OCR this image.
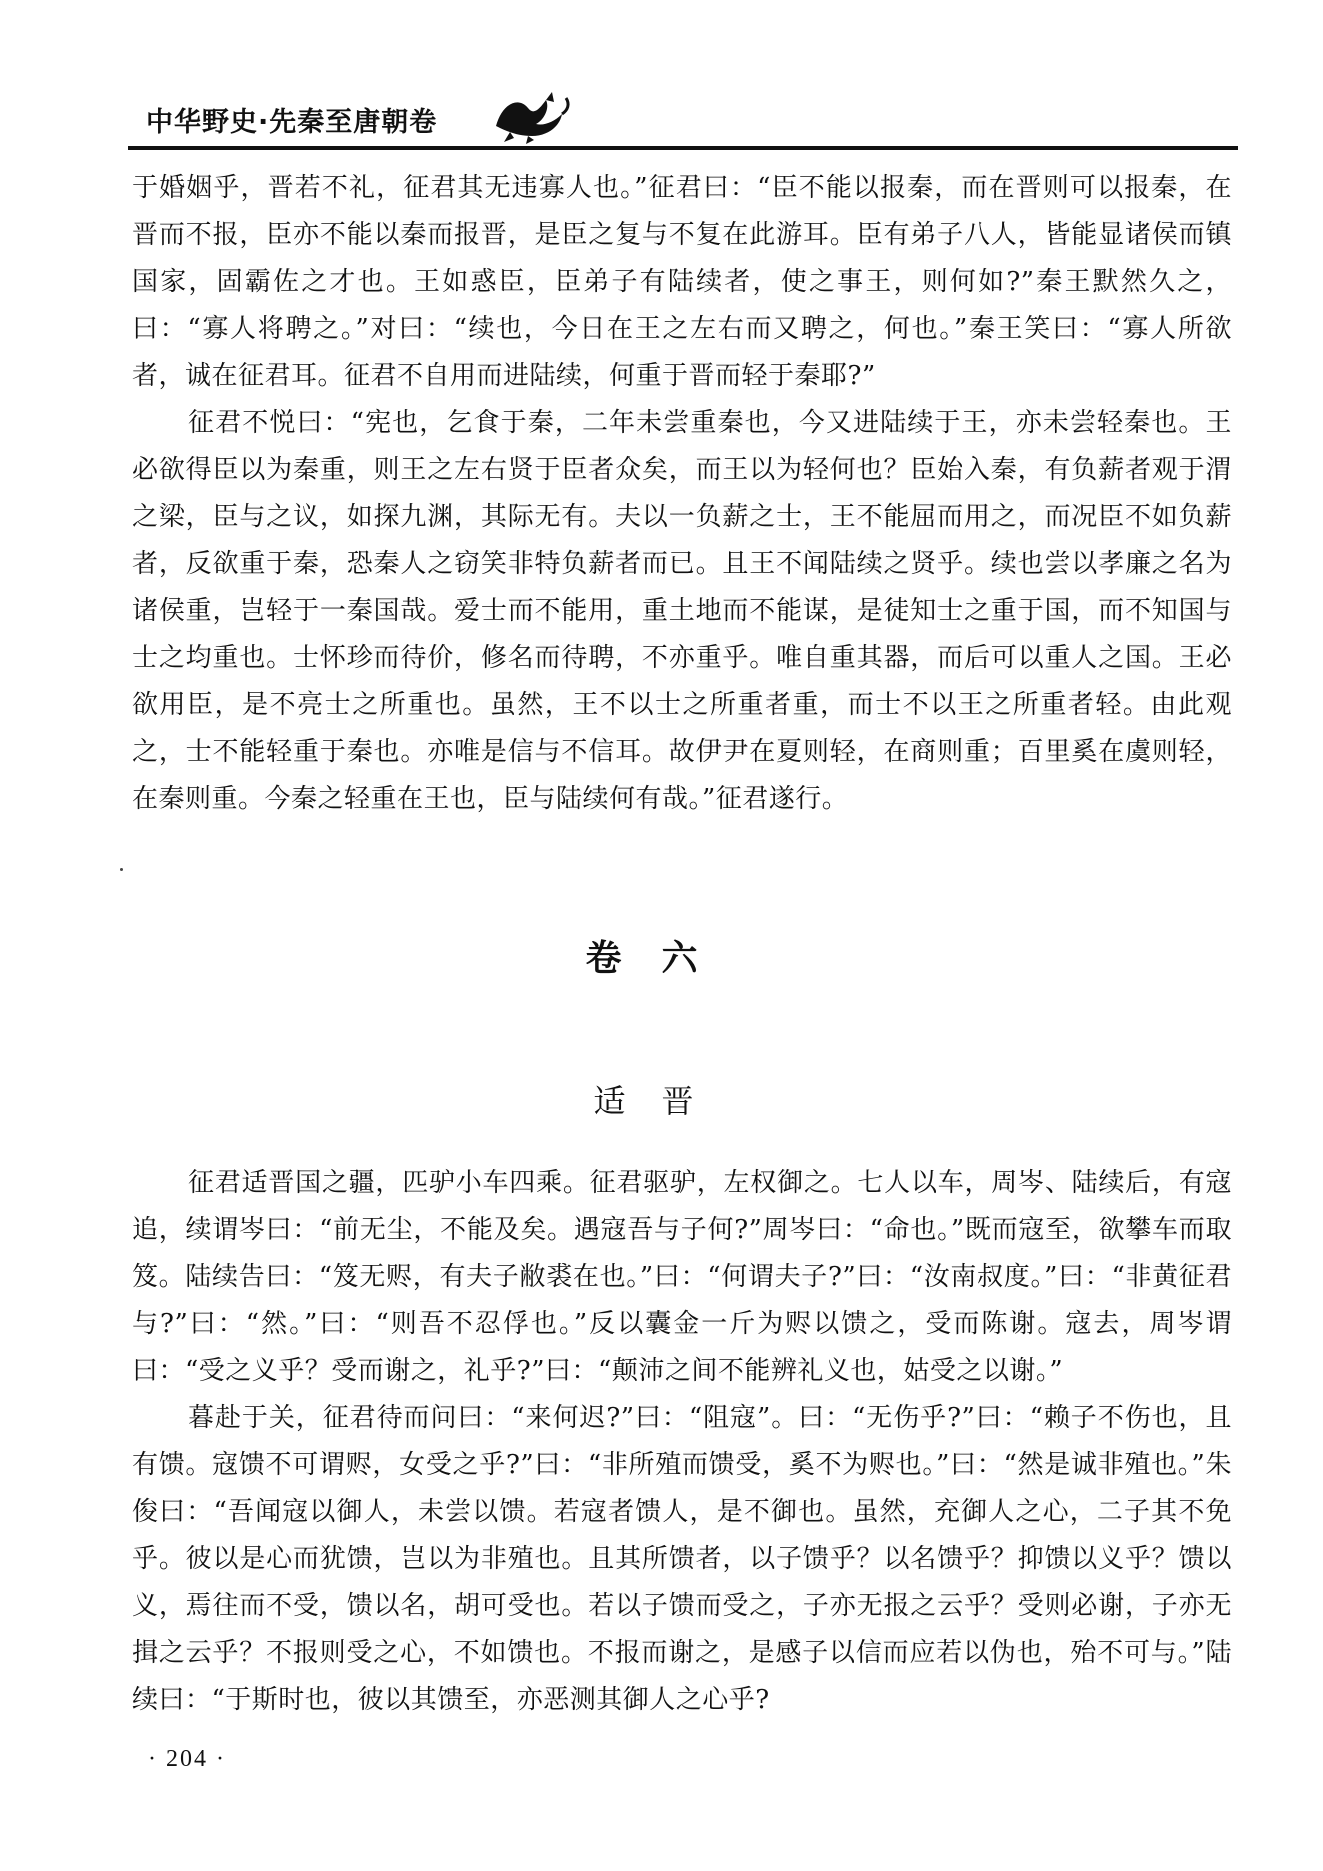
中华野史·先秦至唐朝卷

于婚姻乎，晋若不礼，征君其无违寡人也。”征君曰：“臣不能以报秦，而在晋则可以报秦，在晋而不报，臣亦不能以秦而报晋，是臣之复与不复在此游耳。臣有弟子八人，皆能显诸侯而镇国家，固霸佐之才也。王如惑臣，臣弟子有陆续者，使之事王，则何如?”秦王默然久之，曰：“寡人将聘之。”对曰：“续也，今日在王之左右而又聘之，何也。”秦王笑曰：“寡人所欲者，诚在征君耳。征君不自用而进陆续，何重于晋而轻于秦耶?”

征君不悦曰：“宪也，乞食于秦，二年未尝重秦也，今又进陆续于王，亦未尝轻秦也。王必欲得臣以为秦重，则王之左右贤于臣者众矣，而王以为轻何也？臣始入秦，有负薪者观于渭之梁，臣与之议，如探九渊，其际无有。夫以一负薪之士，王不能屈而用之，而况臣不如负薪者，反欲重于秦，恐秦人之窃笑非特负薪者而已。且王不闻陆续之贤乎。续也尝以孝廉之名为诸侯重，岂轻于一秦国哉。爱士而不能用，重土地而不能谋，是徒知士之重于国，而不知国与士之均重也。士怀珍而待价，修名而待聘，不亦重乎。唯自重其器，而后可以重人之国。王必欲用臣，是不亮士之所重也。虽然，王不以士之所重者重，而士不以王之所重者轻。由此观之，士不能轻重于秦也。亦唯是信与不信耳。故伊尹在夏则轻，在商则重；百里奚在虞则轻，在秦则重。今秦之轻重在王也，臣与陆续何有哉。”征君遂行。

卷六
适晋

征君适晋国之疆，匹驴小车四乘。征君驱驴，左权御之。七人以车，周岑、陆续后，有寇追，续谓岑曰：“前无尘，不能及矣。遇寇吾与子何?”周岑曰：“命也。”既而寇至，欲攀车而取笈。陆续告曰：“笈无赆，有夫子敝裘在也。”曰：“何谓夫子?”曰：“汝南叔度。”曰：“非黄征君与?”曰：“然。”曰：“则吾不忍俘也。”反以囊金一斤为赆以馈之，受而陈谢。寇去，周岑谓曰：“受之义乎？受而谢之，礼乎?”曰：“颠沛之间不能辨礼义也，姑受之以谢。”

暮赴于关，征君待而问曰：“来何迟?”曰：“阻寇”。曰：“无伤乎?”曰：“赖子不伤也，且有馈。寇馈不可谓赆，女受之乎?”曰：“非所殖而馈受，奚不为赆也。”曰：“然是诚非殖也。”朱俊曰：“吾闻寇以御人，未尝以馈。若寇者馈人，是不御也。虽然，充御人之心，二子其不免乎。彼以是心而犹馈，岂以为非殖也。且其所馈者，以子馈乎？以名馈乎？抑馈以义乎？馈以义，焉往而不受，馈以名，胡可受也。若以子馈而受之，子亦无报之云乎？受则必谢，子亦无揖之云乎？不报则受之心，不如馈也。不报而谢之，是感子以信而应若以伪也，殆不可与。”陆续曰：“于斯时也，彼以其馈至，亦恶测其御人之心乎?

· 204 ·
